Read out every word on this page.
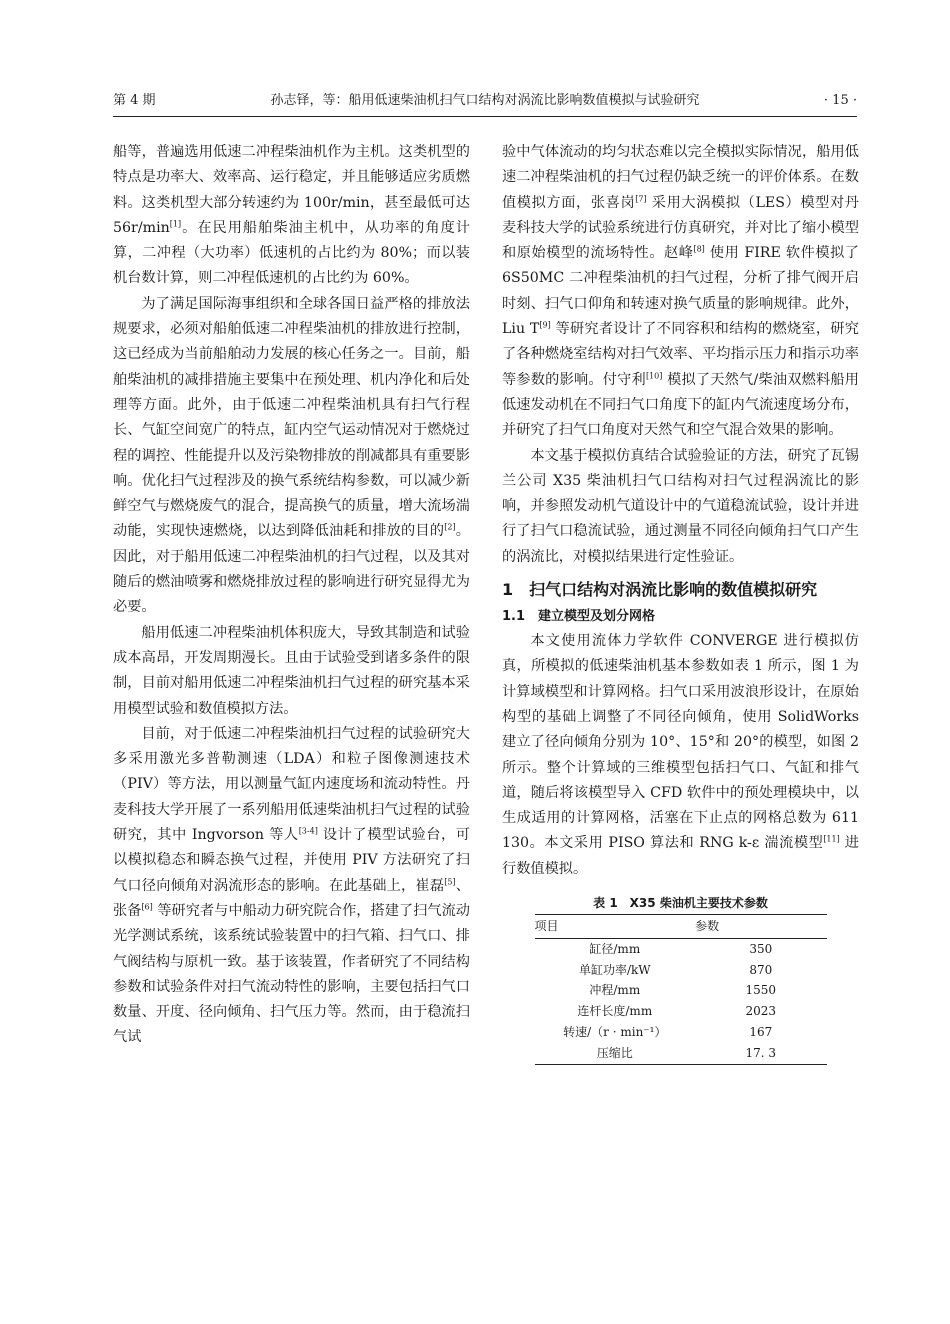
第 4 期	孙志铎，等：船用低速柴油机扫气口结构对涡流比影响数值模拟与试验研究	· 15 ·

船等，普遍选用低速二冲程柴油机作为主机。这类机型的特点是功率大、效率高、运行稳定，并且能够适应劣质燃料。这类机型大部分转速约为 100r/min，甚至最低可达 56r/min[1]。在民用船舶柴油主机中，从功率的角度计算，二冲程（大功率）低速机的占比约为 80%；而以装机台数计算，则二冲程低速机的占比约为 60%。

为了满足国际海事组织和全球各国日益严格的排放法规要求，必须对船舶低速二冲程柴油机的排放进行控制，这已经成为当前船舶动力发展的核心任务之一。目前，船舶柴油机的减排措施主要集中在预处理、机内净化和后处理等方面。此外，由于低速二冲程柴油机具有扫气行程长、气缸空间宽广的特点，缸内空气运动情况对于燃烧过程的调控、性能提升以及污染物排放的削减都具有重要影响。优化扫气过程涉及的换气系统结构参数，可以减少新鲜空气与燃烧废气的混合，提高换气的质量，增大流场湍动能，实现快速燃烧，以达到降低油耗和排放的目的[2]。因此，对于船用低速二冲程柴油机的扫气过程，以及其对随后的燃油喷雾和燃烧排放过程的影响进行研究显得尤为必要。

船用低速二冲程柴油机体积庞大，导致其制造和试验成本高昂，开发周期漫长。且由于试验受到诸多条件的限制，目前对船用低速二冲程柴油机扫气过程的研究基本采用模型试验和数值模拟方法。

目前，对于低速二冲程柴油机扫气过程的试验研究大多采用激光多普勒测速（LDA）和粒子图像测速技术（PIV）等方法，用以测量气缸内速度场和流动特性。丹麦科技大学开展了一系列船用低速柴油机扫气过程的试验研究，其中 Ingvorson 等人[3-4] 设计了模型试验台，可以模拟稳态和瞬态换气过程，并使用 PIV 方法研究了扫气口径向倾角对涡流形态的影响。在此基础上，崔磊[5]、张备[6] 等研究者与中船动力研究院合作，搭建了扫气流动光学测试系统，该系统试验装置中的扫气箱、扫气口、排气阀结构与原机一致。基于该装置，作者研究了不同结构参数和试验条件对扫气流动特性的影响，主要包括扫气口数量、开度、径向倾角、扫气压力等。然而，由于稳流扫气试

验中气体流动的均匀状态难以完全模拟实际情况，船用低速二冲程柴油机的扫气过程仍缺乏统一的评价体系。在数值模拟方面，张喜岗[7] 采用大涡模拟（LES）模型对丹麦科技大学的试验系统进行仿真研究，并对比了缩小模型和原始模型的流场特性。赵峰[8] 使用 FIRE 软件模拟了 6S50MC 二冲程柴油机的扫气过程，分析了排气阀开启时刻、扫气口仰角和转速对换气质量的影响规律。此外，Liu T[9] 等研究者设计了不同容积和结构的燃烧室，研究了各种燃烧室结构对扫气效率、平均指示压力和指示功率等参数的影响。付守利[10] 模拟了天然气/柴油双燃料船用低速发动机在不同扫气口角度下的缸内气流速度场分布，并研究了扫气口角度对天然气和空气混合效果的影响。

本文基于模拟仿真结合试验验证的方法，研究了瓦锡兰公司 X35 柴油机扫气口结构对扫气过程涡流比的影响，并参照发动机气道设计中的气道稳流试验，设计并进行了扫气口稳流试验，通过测量不同径向倾角扫气口产生的涡流比，对模拟结果进行定性验证。

1　扫气口结构对涡流比影响的数值模拟研究
1.1　建立模型及划分网格

本文使用流体力学软件 CONVERGE 进行模拟仿真，所模拟的低速柴油机基本参数如表 1 所示，图 1 为计算域模型和计算网格。扫气口采用波浪形设计，在原始构型的基础上调整了不同径向倾角，使用 SolidWorks 建立了径向倾角分别为 10°、15°和 20°的模型，如图 2 所示。整个计算域的三维模型包括扫气口、气缸和排气道，随后将该模型导入 CFD 软件中的预处理模块中，以生成适用的计算网格，活塞在下止点的网格总数为 611 130。本文采用 PISO 算法和 RNG k-ε 湍流模型[11] 进行数值模拟。

表 1　X35 柴油机主要技术参数
项目	参数
缸径/mm	350
单缸功率/kW	870
冲程/mm	1550
连杆长度/mm	2023
转速/（r · min⁻¹）	167
压缩比	17. 3
